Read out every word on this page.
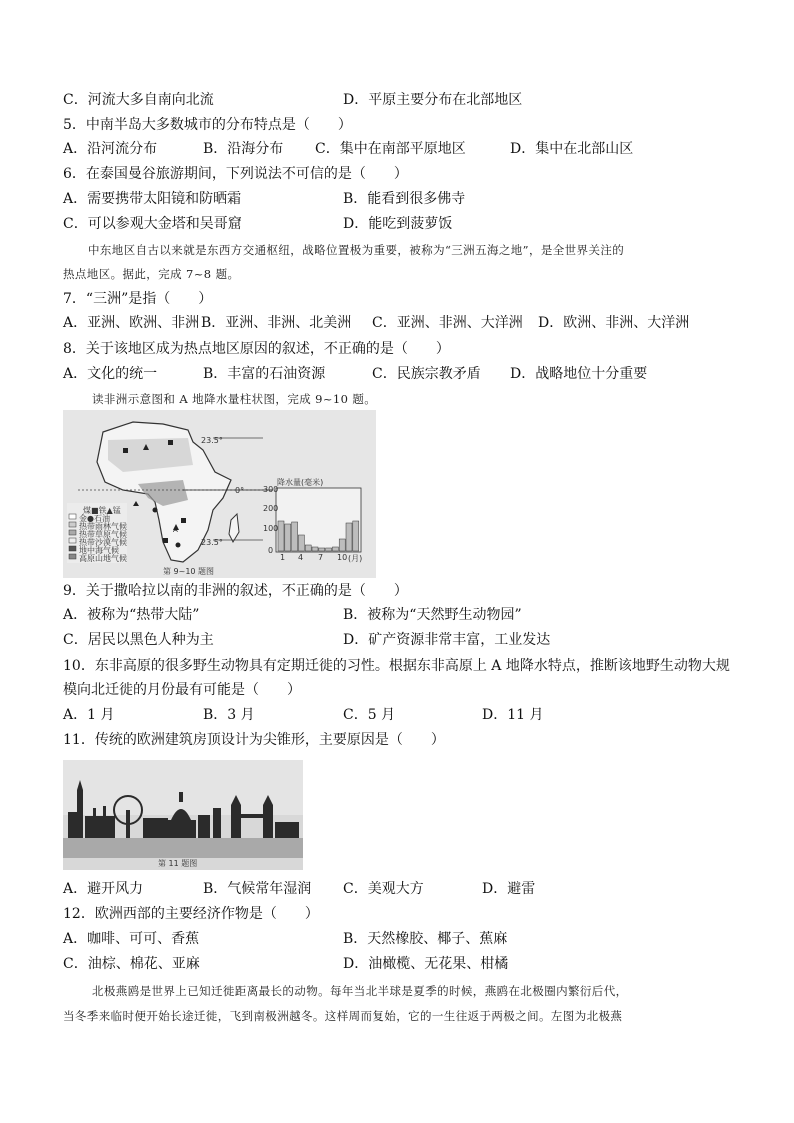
C．河流大多自南向北流	D．平原主要分布在北部地区
5．中南半岛大多数城市的分布特点是（　　）
A．沿河流分布	B．沿海分布 C．集中在南部平原地区	D．集中在北部山区
6．在泰国曼谷旅游期间，下列说法不可信的是（　　）
A．需要携带太阳镜和防晒霜	B．能看到很多佛寺
C．可以参观大金塔和吴哥窟	D．能吃到菠萝饭
中东地区自古以来就是东西方交通枢纽，战略位置极为重要，被称为“三洲五海之地”，是全世界关注的
热点地区。据此，完成 7~8 题。
7．“三洲”是指（　　）
A．亚洲、欧洲、非洲 B．亚洲、非洲、北美洲 C．亚洲、非洲、大洋洲 D．欧洲、非洲、大洋洲
8．关于该地区成为热点地区原因的叙述，不正确的是（　　）
A．文化的统一	B．丰富的石油资源	C．民族宗教矛盾 D．战略地位十分重要
读非洲示意图和 A 地降水量柱状图，完成 9~10 题。
A
23.5°
0°
23.5°
降水量(毫米)
300
200
100
0
1 4 7 10 (月)
煤■铁▲锰
金●石油
热带雨林气候
热带草原气候
热带沙漠气候
地中海气候
高原山地气候
第 9~10 题图
9．关于撒哈拉以南的非洲的叙述，不正确的是（　　）
A．被称为“热带大陆”	B．被称为“天然野生动物园”
C．居民以黑色人种为主	D．矿产资源非常丰富，工业发达
10．东非高原的很多野生动物具有定期迁徙的习性。根据东非高原上 A 地降水特点，推断该地野生动物大规
模向北迁徙的月份最有可能是（　　）
A．1 月	B．3 月	C．5 月	D．11 月
11．传统的欧洲建筑房顶设计为尖锥形，主要原因是（　　）
第 11 题图
A．避开风力	B．气候常年湿润 C．美观大方	D．避雷
12．欧洲西部的主要经济作物是（　　）
A．咖啡、可可、香蕉	B．天然橡胶、椰子、蕉麻
C．油棕、棉花、亚麻	D．油橄榄、无花果、柑橘
北极燕鸥是世界上已知迁徙距离最长的动物。每年当北半球是夏季的时候，燕鸥在北极圈内繁衍后代，
当冬季来临时便开始长途迁徙，飞到南极洲越冬。这样周而复始，它的一生往返于两极之间。左图为北极燕
